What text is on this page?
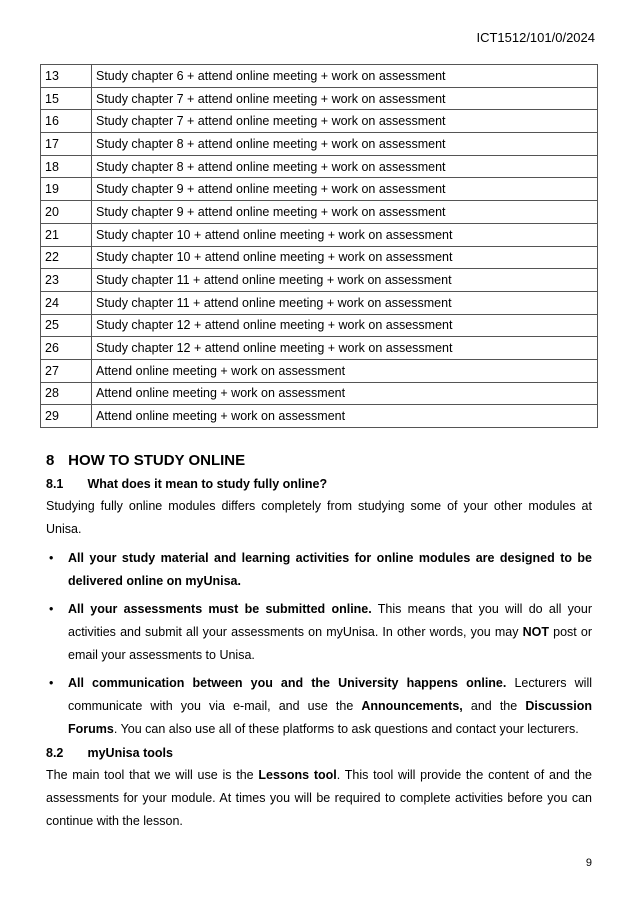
ICT1512/101/0/2024
13	Study chapter 6 + attend online meeting + work on assessment
15	Study chapter 7 + attend online meeting + work on assessment
16	Study chapter 7 + attend online meeting + work on assessment
17	Study chapter 8 + attend online meeting + work on assessment
18	Study chapter 8 + attend online meeting + work on assessment
19	Study chapter 9 + attend online meeting + work on assessment
20	Study chapter 9 + attend online meeting + work on assessment
21	Study chapter 10 + attend online meeting + work on assessment
22	Study chapter 10 + attend online meeting + work on assessment
23	Study chapter 11 + attend online meeting + work on assessment
24	Study chapter 11 + attend online meeting + work on assessment
25	Study chapter 12 + attend online meeting + work on assessment
26	Study chapter 12 + attend online meeting + work on assessment
27	Attend online meeting + work on assessment
28	Attend online meeting + work on assessment
29	Attend online meeting + work on assessment
8 HOW TO STUDY ONLINE
8.1 What does it mean to study fully online?

Studying fully online modules differs completely from studying some of your other modules at Unisa.

• All your study material and learning activities for online modules are designed to be delivered online on myUnisa.
• All your assessments must be submitted online. This means that you will do all your activities and submit all your assessments on myUnisa. In other words, you may NOT post or email your assessments to Unisa.
• All communication between you and the University happens online. Lecturers will communicate with you via e-mail, and use the Announcements, and the Discussion Forums. You can also use all of these platforms to ask questions and contact your lecturers.
8.2 myUnisa tools

The main tool that we will use is the Lessons tool. This tool will provide the content of and the assessments for your module. At times you will be required to complete activities before you can continue with the lesson.

9
